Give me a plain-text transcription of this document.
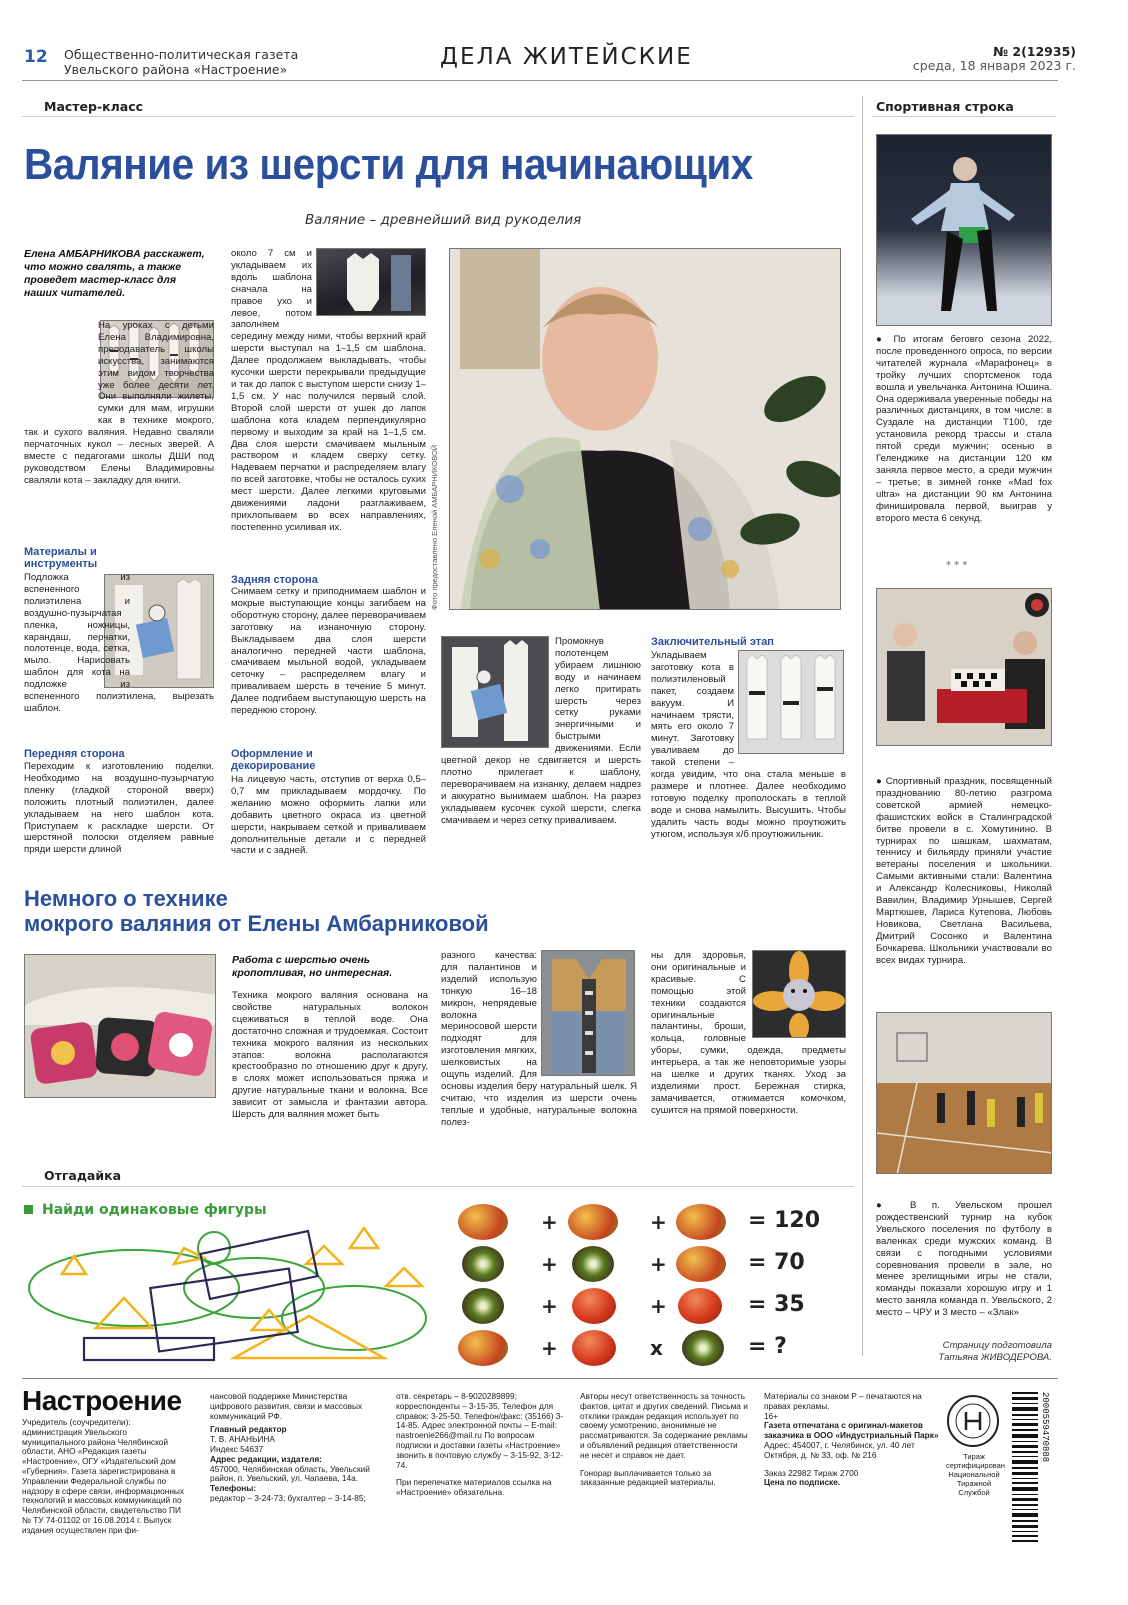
12 Общественно-политическая газета
Увельского района «Настроение»	ДЕЛА ЖИТЕЙСКИЕ	№ 2(12935)
среда, 18 января 2023 г.
Мастер-класс
Валяние из шерсти для начинающих
Валяние – древнейший вид рукоделия
Елена АМБАРНИКОВА расскажет, что можно свалять, а также проведет мастер-класс для наших читателей.
На уроках с детьми Елена Владимировна, преподаватель школы искусства, занимаются этим видом творчества уже более десяти лет. Они выполняли жилеты, сумки для мам, игрушки как в технике мокрого, так и сухого валяния. Недавно сваляли перчаточных кукол – лесных зверей. А вместе с педагогами школы ДШИ под руководством Елены Владимировны сваляли кота – закладку для книги.
Материалы и инструменты
Подложка из вспененного полиэтилена и воздушно-пузырчатая пленка, ножницы, карандаш, перчатки, полотенце, вода, сетка, мыло. Нарисовать шаблон для кота на подложке из вспененного полиэтилена, вырезать шаблон.
Передняя сторона
Переходим к изготовлению поделки. Необходимо на воздушно-пузырчатую пленку (гладкой стороной вверх) положить плотный полиэтилен, далее укладываем на него шаблон кота. Приступаем к раскладке шерсти. От шерстяной полоски отделяем равные пряди шерсти длиной
около 7 см и укладываем их вдоль шаблона сначала на правое ухо и левое, потом заполняем середину между ними, чтобы верхний край шерсти выступал на 1–1,5 см шаблона. Далее продолжаем выкладывать, чтобы кусочки шерсти перекрывали предыдущие и так до лапок с выступом шерсти снизу 1–1,5 см. У нас получился первый слой. Второй слой шерсти от ушек до лапок шаблона кота кладем перпендикулярно первому и выходим за край на 1–1,5 см. Два слоя шерсти смачиваем мыльным раствором и кладем сверху сетку. Надеваем перчатки и распределяем влагу по всей заготовке, чтобы не осталось сухих мест шерсти. Далее легкими круговыми движениями ладони разглаживаем, прихлопываем во всех направлениях, постепенно усиливая их.
Задняя сторона
Снимаем сетку и приподнимаем шаблон и мокрые выступающие концы загибаем на оборотную сторону, далее переворачиваем заготовку на изнаночную сторону. Выкладываем два слоя шерсти аналогично передней части шаблона, смачиваем мыльной водой, укладываем сеточку – распределяем влагу и приваливаем шерсть в течение 5 минут. Далее подгибаем выступающую шерсть на переднюю сторону.
Оформление и декорирование
На лицевую часть, отступив от верха 0,5–0,7 мм прикладываем мордочку. По желанию можно оформить лапки или добавить цветного окраса из цветной шерсти, накрываем сеткой и приваливаем дополнительные детали и с передней части и с задней.
Фото предоставлено Еленой АМБАРНИКОВОЙ
Промокнув полотенцем убираем лишнюю воду и начинаем легко притирать шерсть через сетку руками энергичными и быстрыми движениями. Если цветной декор не сдвигается и шерсть плотно прилегает к шаблону, переворачиваем на изнанку, делаем надрез и аккуратно вынимаем шаблон. На разрез укладываем кусочек сухой шерсти, слегка смачиваем и через сетку приваливаем.
Заключительный этап
Укладываем заготовку кота в полиэтиленовый пакет, создаем вакуум. И начинаем трясти, мять его около 7 минут. Заготовку уваливаем до такой степени – когда увидим, что она стала меньше в размере и плотнее. Далее необходимо готовую поделку прополоскать в теплой воде и снова намылить. Высушить. Чтобы удалить часть воды можно проутюжить утюгом, используя х/б проутюжильник.
Немного о технике
мокрого валяния от Елены Амбарниковой
Работа с шерстью очень кропотливая, но интересная.
Техника мокрого валяния основана на свойстве натуральных волокон сцеживаться в теплой воде. Она достаточно сложная и трудоемкая. Состоит техника мокрого валяния из нескольких этапов: волокна располагаются крестообразно по отношению друг к другу, в слоях может использоваться пряжа и другие натуральные ткани и волокна. Все зависит от замысла и фантазии автора. Шерсть для валяния может быть
разного качества: для палантинов и изделий использую тонкую 16–18 микрон, непрядевые волокна мериносовой шерсти подходят для изготовления мягких, шелковистых на ощупь изделий. Для основы изделия беру натуральный шелк. Я считаю, что изделия из шерсти очень теплые и удобные, натуральные волокна полез-
ны для здоровья, они оригинальные и красивые. С помощью этой техники создаются оригинальные палантины, броши, кольца, головные уборы, сумки, одежда, предметы интерьера, а так же неповторимые узоры на шелке и других тканях. Уход за изделиями прост. Бережная стирка, замачивается, отжимается комочком, сушится на прямой поверхности.
Отгадайка
Найди одинаковые фигуры	+	+	= 120
+	+	= 70
+	+	= 35
+	x	= ?
Спортивная строка
● По итогам беговго сезона 2022, после проведенного опроса, по версии читателей журнала «Марафонец» в тройку лучших спортсменок года вошла и увельчанка Антонина Юшина. Она одерживала уверенные победы на различных дистанциях, в том числе: в Суздале на дистанции Т100, где установила рекорд трассы и стала пятой среди мужчин; осенью в Геленджике на дистанции 120 км заняла первое место, а среди мужчин – третье; в зимней гонке «Mad fox ultra» на дистанции 90 км Антонина финишировала первой, выиграв у второго места 6 секунд.
* * *
● Спортивный праздник, посвященный празднованию 80-летию разгрома советской армией немецко-фашистских войск в Сталинградской битве провели в с. Хомутинино. В турнирах по шашкам, шахматам, теннису и бильярду приняли участие ветераны поселения и школьники. Самыми активными стали: Валентина и Александр Колесниковы, Николай Вавилин, Владимир Урнышев, Сергей Мартюшев, Лариса Кутепова, Любовь Новикова, Светлана Васильева, Дмитрий Сосонко и Валентина Бочкарева. Школьники участвовали во всех видах турнира.
● В п. Увельском прошел рождественский турнир на кубок Увельского поселения по футболу в валенках среди мужских команд. В связи с погодными условиями соревнования провели в зале, но менее зрелищными игры не стали, команды показали хорошую игру и 1 место заняла команда п. Увельского, 2 место – ЧРУ и 3 место – «Злак»
Страницу подготовила
Татьяна ЖИВОДЕРОВА.
Настроение
Учредитель (соучредители): администрация Увельского муниципального района Челябинской области, АНО «Редакция газеты «Настроение», ОГУ «Издательский дом «Губерния». Газета зарегистрирована в Управлении Федеральной службы по надзору в сфере связи, информационных технологий и массовых коммуникаций по Челябинской области, свидетельство ПИ № ТУ 74-01102 от 16.08.2014 г. Выпуск издания осуществлен при фи-
нансовой поддержке Министерства цифрового развития, связи и массовых коммуникаций РФ.
Главный редактор
Т. В. АНАНЬИНА
Индекс 54637
Адрес редакции, издателя:
457000, Челябинская область, Увельский район, п. Увельский, ул. Чапаева, 14а.
Телефоны:
редактор – 3-24-73; бухгалтер – 3-14-85;
отв. секретарь – 8-9020289899; корреспонденты – 3-15-35. Телефон для справок: 3-25-50. Телефон/факс: (35166) 3-14-85. Адрес электронной почты – E-mail: nastroenie266@mail.ru По вопросам подписки и доставки газеты «Настроение» звонить в почтовую службу – 3-15-92, 3-12-74.
При перепечатке материалов ссылка на «Настроение» обязательна.
Авторы несут ответственность за точность фактов, цитат и других сведений. Письма и отклики граждан редакция использует по своему усмотрению, анонимные не рассматриваются. За содержание рекламы и объявлений редакция ответственности не несет и справок не дает.
Гонорар выплачивается только за заказанные редакцией материалы.
Материалы со знаком Р – печатаются на правах рекламы.
16+
Газета отпечатана с оригинал-макетов заказчика в ООО «Индустриальный Парк»
Адрес: 454007, г. Челябинск, ул. 40 лет Октября, д. № 33, оф. № 216
Заказ 22982 Тираж 2700
Цена по подписке.
Тираж сертифицирован Национальной Тиражной Службой
2000559470888
